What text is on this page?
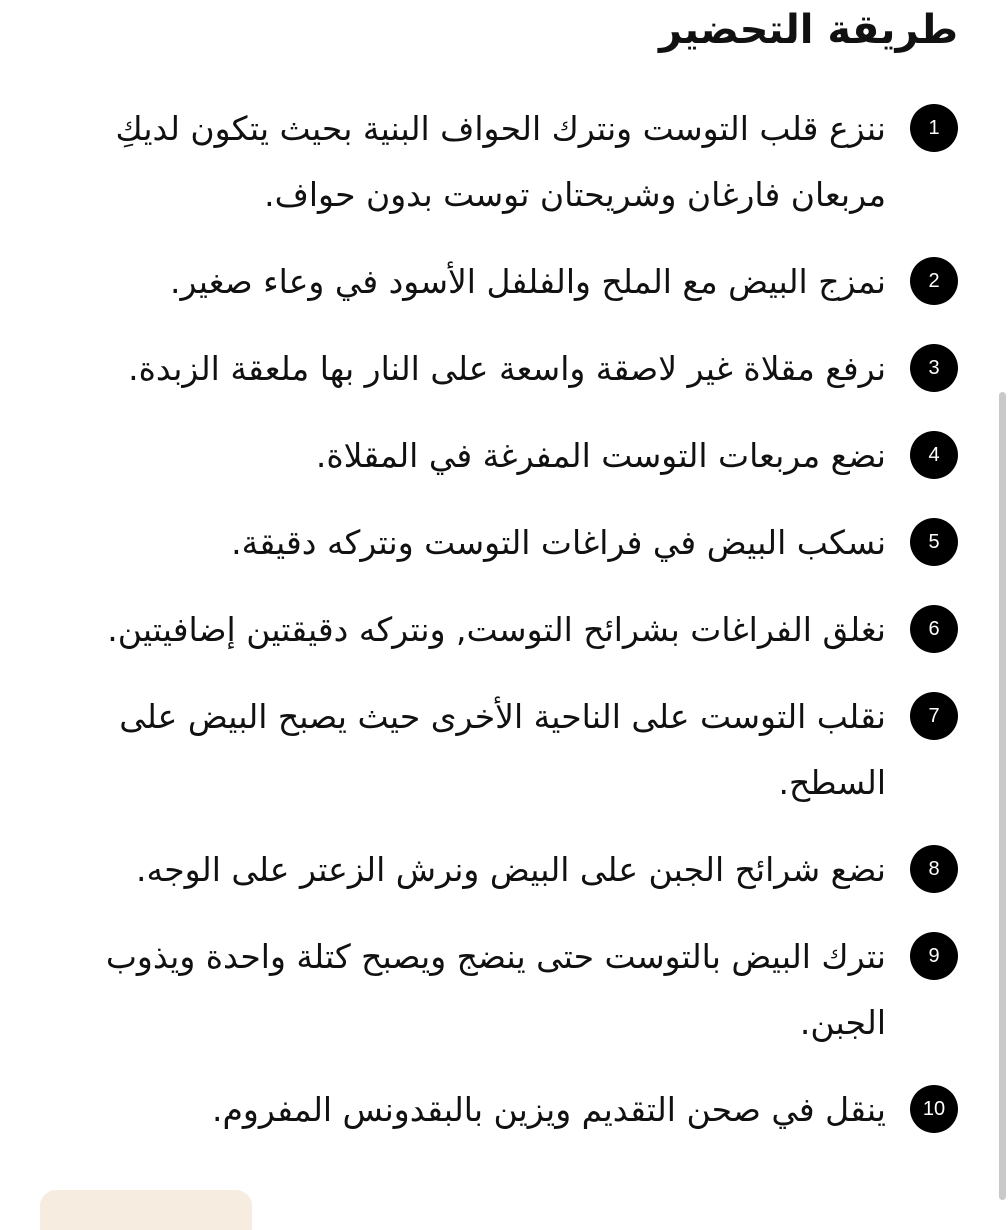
طريقة التحضير
1
ننزع قلب التوست ونترك الحواف البنية بحيث يتكون لديكِ مربعان فارغان وشريحتان توست بدون حواف.
2
نمزج البيض مع الملح والفلفل الأسود في وعاء صغير.
3
نرفع مقلاة غير لاصقة واسعة على النار بها ملعقة الزبدة.
4
نضع مربعات التوست المفرغة في المقلاة.
5
نسكب البيض في فراغات التوست ونتركه دقيقة.
6
نغلق الفراغات بشرائح التوست, ونتركه دقيقتين إضافيتين.
7
نقلب التوست على الناحية الأخرى حيث يصبح البيض على السطح.
8
نضع شرائح الجبن على البيض ونرش الزعتر على الوجه.
9
نترك البيض بالتوست حتى ينضج ويصبح كتلة واحدة ويذوب الجبن.
10
ينقل في صحن التقديم ويزين بالبقدونس المفروم.
